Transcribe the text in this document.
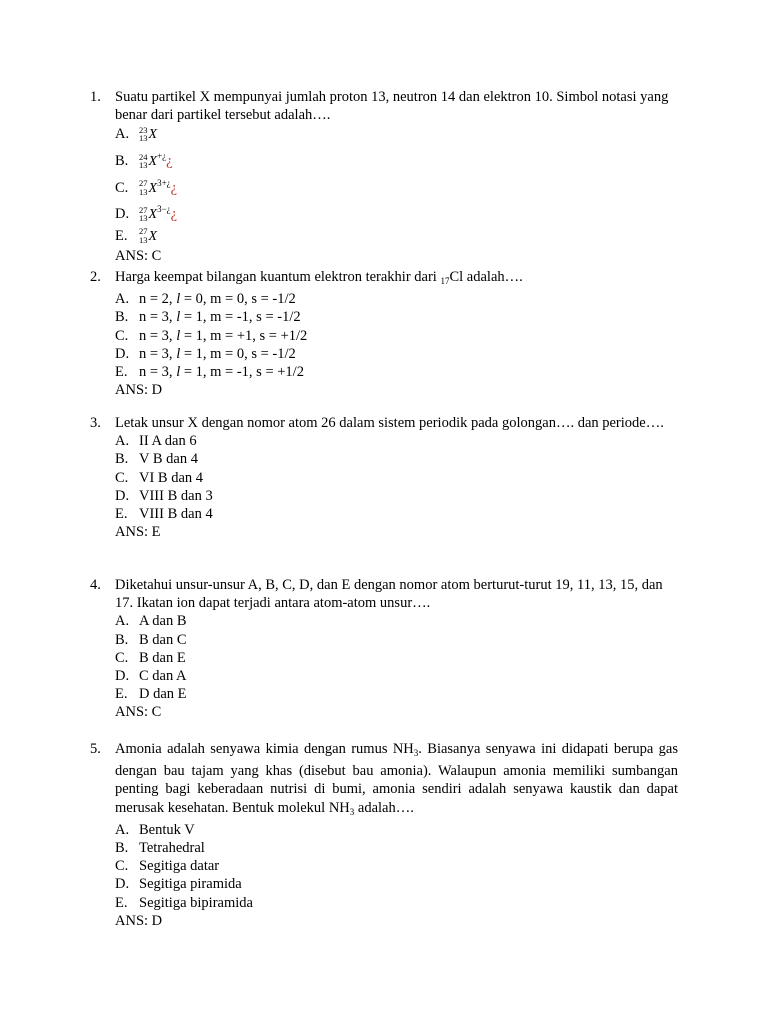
1. Suatu partikel X mempunyai jumlah proton 13, neutron 14 dan elektron 10. Simbol notasi yang benar dari partikel tersebut adalah….
A.	23
13 X
B.	24
13 X+¿¿
C.	27
13 $X^{3+¿}¿$
D.	27
13 $X^{3-¿}¿$
E.	27
13 X
ANS: C
2. Harga keempat bilangan kuantum elektron terakhir dari $_{17}$Cl adalah….
A. n = 2, l = 0, m = 0, s = -1/2
B. n = 3, l = 1, m = -1, s = -1/2
C. n = 3, l = 1, m = +1, s = +1/2
D. n = 3, l = 1, m = 0, s = -1/2
E. n = 3, l = 1, m = -1, s = +1/2
ANS: D
3. Letak unsur X dengan nomor atom 26 dalam sistem periodik pada golongan…. dan periode….
A. II A dan 6
B. V B dan 4
C. VI B dan 4
D. VIII B dan 3
E. VIII B dan 4
ANS: E
4. Diketahui unsur-unsur A, B, C, D, dan E dengan nomor atom berturut-turut 19, 11, 13, 15, dan 17. Ikatan ion dapat terjadi antara atom-atom unsur….
A. A dan B
B. B dan C
C. B dan E
D. C dan A
E. D dan E
ANS: C
5. Amonia adalah senyawa kimia dengan rumus $NH_3$. Biasanya senyawa ini didapati berupa gas dengan bau tajam yang khas (disebut bau amonia). Walaupun amonia memiliki sumbangan penting bagi keberadaan nutrisi di bumi, amonia sendiri adalah senyawa kaustik dan dapat merusak kesehatan. Bentuk molekul $NH_3$ adalah….
A. Bentuk V
B. Tetrahedral
C. Segitiga datar
D. Segitiga piramida
E. Segitiga bipiramida
ANS: D
